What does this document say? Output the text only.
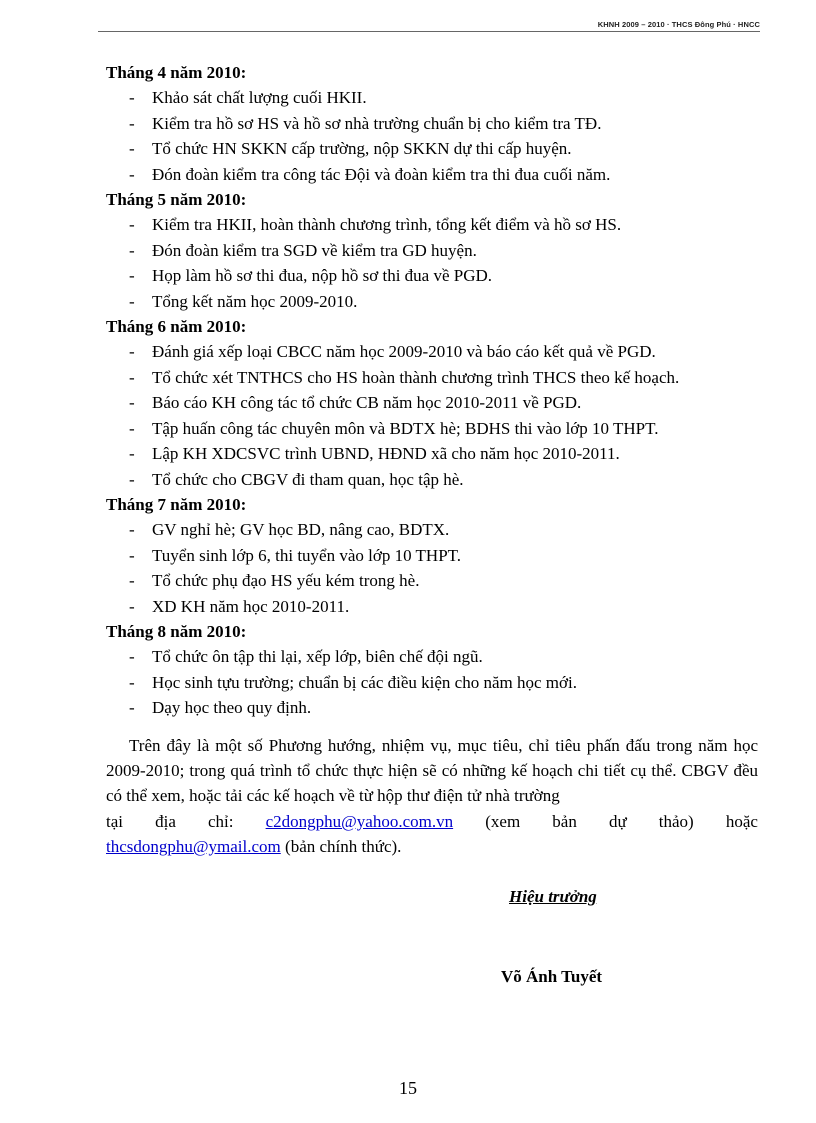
KHNH 2009 – 2010 · THCS Đông Phú · HNCC

Tháng 4 năm 2010:

- Khảo sát chất lượng cuối HKII.
- Kiểm tra hồ sơ HS và hồ sơ nhà trường chuẩn bị cho kiểm tra TĐ.
- Tổ chức HN SKKN cấp trường, nộp SKKN dự thi cấp huyện.
- Đón đoàn kiểm tra công tác Đội và đoàn kiểm tra thi đua cuối năm.

Tháng 5 năm 2010:

- Kiểm tra HKII, hoàn thành chương trình, tổng kết điểm và hồ sơ HS.
- Đón đoàn kiểm tra SGD về kiểm tra GD huyện.
- Họp làm hồ sơ thi đua, nộp hồ sơ thi đua về PGD.
- Tổng kết năm học 2009-2010.

Tháng 6 năm 2010:

- Đánh giá xếp loại CBCC năm học 2009-2010 và báo cáo kết quả về PGD.
- Tổ chức xét TNTHCS cho HS hoàn thành chương trình THCS theo kế hoạch.
- Báo cáo KH công tác tổ chức CB năm học 2010-2011 về PGD.
- Tập huấn công tác chuyên môn và BDTX hè; BDHS thi vào lớp 10 THPT.
- Lập KH XDCSVC trình UBND, HĐND xã cho năm học 2010-2011.
- Tổ chức cho CBGV đi tham quan, học tập hè.

Tháng 7 năm 2010:

- GV nghỉ hè; GV học BD, nâng cao, BDTX.
- Tuyển sinh lớp 6, thi tuyển vào lớp 10 THPT.
- Tổ chức phụ đạo HS yếu kém trong hè.
- XD KH năm học 2010-2011.

Tháng 8 năm 2010:

- Tổ chức ôn tập thi lại, xếp lớp, biên chế đội ngũ.
- Học sinh tựu trường; chuẩn bị các điều kiện cho năm học mới.
- Dạy học theo quy định.
Trên đây là một số Phương hướng, nhiệm vụ, mục tiêu, chỉ tiêu phấn đấu trong năm học 2009-2010; trong quá trình tổ chức thực hiện sẽ có những kế hoạch chi tiết cụ thể. CBGV đều có thể xem, hoặc tải các kế hoạch về từ hộp thư điện tử nhà trường
tại địa chỉ: c2dongphu@yahoo.com.vn (xem bản dự thảo) hoặc
thcsdongphu@ymail.com (bản chính thức).
Hiệu trưởng
Võ Ánh Tuyết
15
